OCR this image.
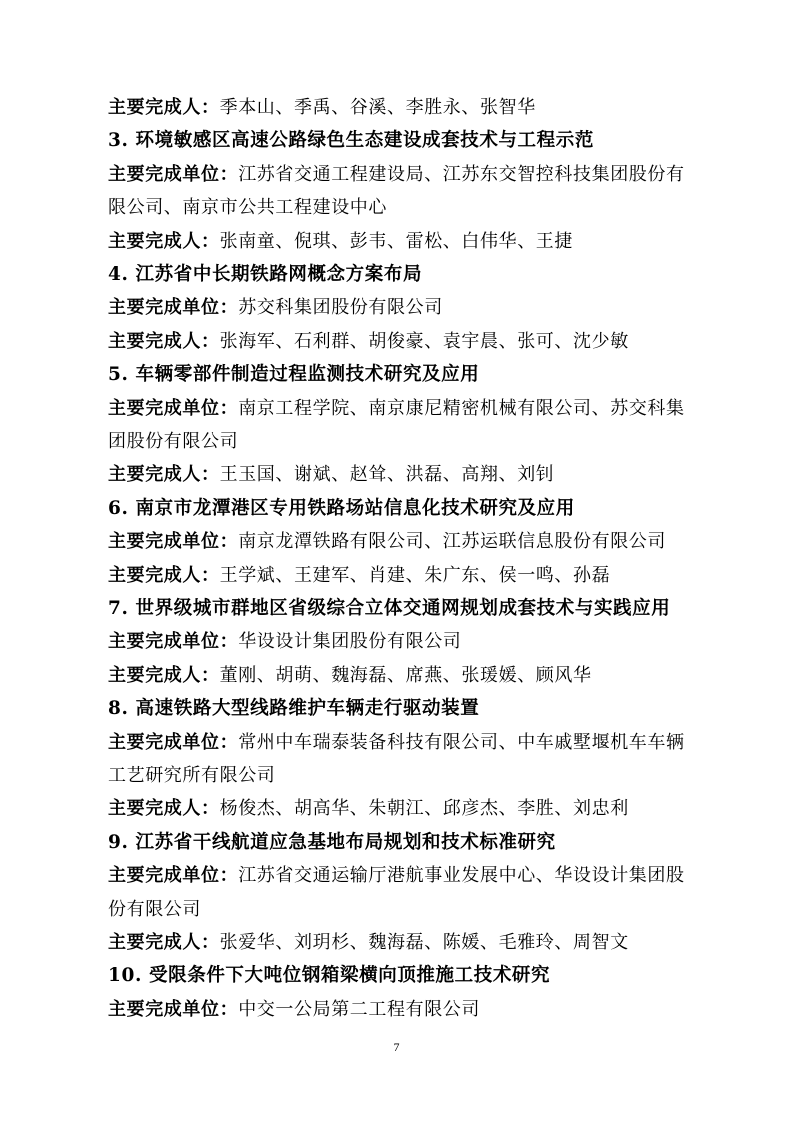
主要完成人：季本山、季禹、谷溪、李胜永、张智华
3. 环境敏感区高速公路绿色生态建设成套技术与工程示范
主要完成单位：江苏省交通工程建设局、江苏东交智控科技集团股份有
限公司、南京市公共工程建设中心
主要完成人：张南童、倪琪、彭韦、雷松、白伟华、王捷
4. 江苏省中长期铁路网概念方案布局
主要完成单位：苏交科集团股份有限公司
主要完成人：张海军、石利群、胡俊豪、袁宇晨、张可、沈少敏
5. 车辆零部件制造过程监测技术研究及应用
主要完成单位：南京工程学院、南京康尼精密机械有限公司、苏交科集
团股份有限公司
主要完成人：王玉国、谢斌、赵耸、洪磊、高翔、刘钊
6. 南京市龙潭港区专用铁路场站信息化技术研究及应用
主要完成单位：南京龙潭铁路有限公司、江苏运联信息股份有限公司
主要完成人：王学斌、王建军、肖建、朱广东、侯一鸣、孙磊
7. 世界级城市群地区省级综合立体交通网规划成套技术与实践应用
主要完成单位：华设设计集团股份有限公司
主要完成人：董刚、胡萌、魏海磊、席燕、张瑗媛、顾风华
8. 高速铁路大型线路维护车辆走行驱动装置
主要完成单位：常州中车瑞泰装备科技有限公司、中车戚墅堰机车车辆
工艺研究所有限公司
主要完成人：杨俊杰、胡高华、朱朝江、邱彦杰、李胜、刘忠利
9. 江苏省干线航道应急基地布局规划和技术标准研究
主要完成单位：江苏省交通运输厅港航事业发展中心、华设设计集团股
份有限公司
主要完成人：张爱华、刘玥杉、魏海磊、陈媛、毛雅玲、周智文
10. 受限条件下大吨位钢箱梁横向顶推施工技术研究
主要完成单位：中交一公局第二工程有限公司
7
